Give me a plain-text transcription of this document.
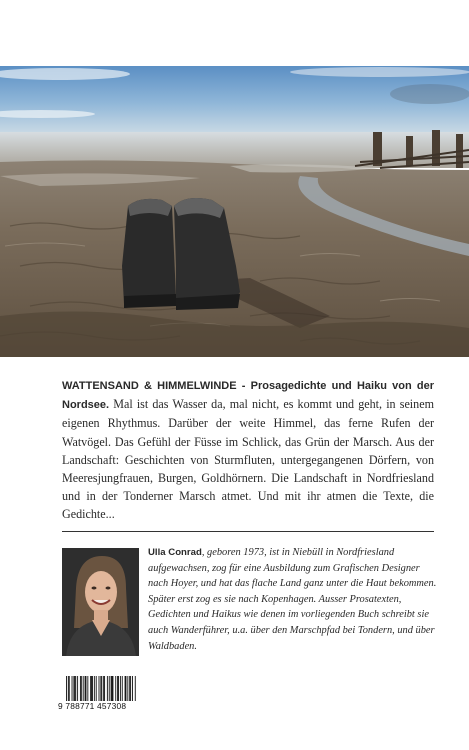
WATTENSAND & HIMMELWINDE - Prosagedichte und Haiku von der Nordsee. Mal ist das Wasser da, mal nicht, es kommt und geht, in seinem eigenen Rhythmus. Darüber der weite Himmel, das ferne Rufen der Watvögel. Das Gefühl der Füsse im Schlick, das Grün der Marsch. Aus der Landschaft: Geschichten von Sturmfluten, untergegangenen Dörfern, von Meeresjungfrauen, Burgen, Goldhörnern. Die Landschaft in Nordfriesland und in der Tonderner Marsch atmet. Und mit ihr atmen die Texte, die Gedichte...
Ulla Conrad, geboren 1973, ist in Niebüll in Nordfriesland aufgewachsen, zog für eine Ausbildung zum Grafischen Designer nach Hoyer, und hat das flache Land ganz unter die Haut bekommen. Später erst zog es sie nach Kopenhagen. Ausser Prosatexten, Gedichten und Haikus wie denen im vorliegenden Buch schreibt sie auch Wanderführer, u.a. über den Marschpfad bei Tondern, und über Waldbaden.
9 788771 457308
